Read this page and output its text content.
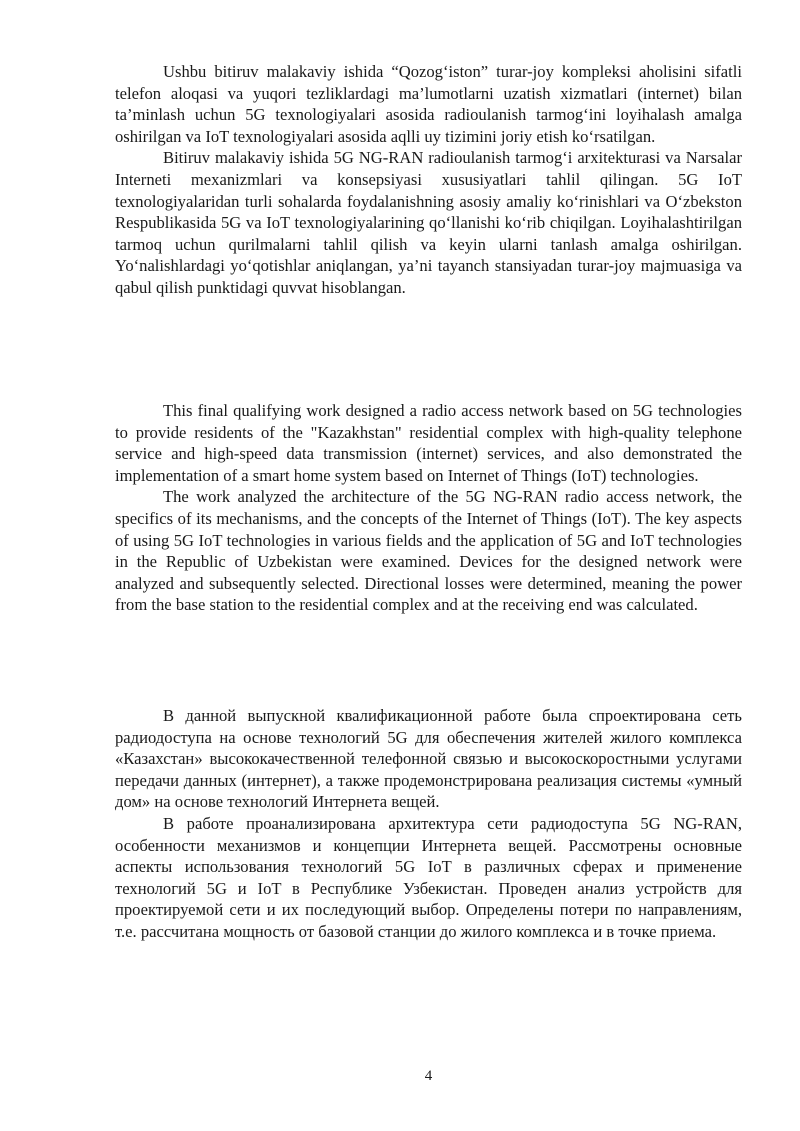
Ushbu bitiruv malakaviy ishida “Qozog‘iston” turar-joy kompleksi aholisini sifatli telefon aloqasi va yuqori tezliklardagi ma’lumotlarni uzatish xizmatlari (internet) bilan ta’minlash uchun 5G texnologiyalari asosida radioulanish tarmog‘ini loyihalash amalga oshirilgan va IoT texnologiyalari asosida aqlli uy tizimini joriy etish ko‘rsatilgan.

Bitiruv malakaviy ishida 5G NG-RAN radioulanish tarmog‘i arxitekturasi va Narsalar Interneti mexanizmlari va konsepsiyasi xususiyatlari tahlil qilingan. 5G IoT texnologiyalaridan turli sohalarda foydalanishning asosiy amaliy ko‘rinishlari va O‘zbekston Respublikasida 5G va IoT texnologiyalarining qo‘llanishi ko‘rib chiqilgan. Loyihalashtirilgan tarmoq uchun qurilmalarni tahlil qilish va keyin ularni tanlash amalga oshirilgan. Yo‘nalishlardagi yo‘qotishlar aniqlangan, ya’ni tayanch stansiyadan turar-joy majmuasiga va qabul qilish punktidagi quvvat hisoblangan.

This final qualifying work designed a radio access network based on 5G technologies to provide residents of the "Kazakhstan" residential complex with high-quality telephone service and high-speed data transmission (internet) services, and also demonstrated the implementation of a smart home system based on Internet of Things (IoT) technologies.

The work analyzed the architecture of the 5G NG-RAN radio access network, the specifics of its mechanisms, and the concepts of the Internet of Things (IoT). The key aspects of using 5G IoT technologies in various fields and the application of 5G and IoT technologies in the Republic of Uzbekistan were examined. Devices for the designed network were analyzed and subsequently selected. Directional losses were determined, meaning the power from the base station to the residential complex and at the receiving end was calculated.

В данной выпускной квалификационной работе была спроектирована сеть радиодоступа на основе технологий 5G для обеспечения жителей жилого комплекса «Казахстан» высококачественной телефонной связью и высокоскоростными услугами передачи данных (интернет), а также продемонстрирована реализация системы «умный дом» на основе технологий Интернета вещей.

В работе проанализирована архитектура сети радиодоступа 5G NG-RAN, особенности механизмов и концепции Интернета вещей. Рассмотрены основные аспекты использования технологий 5G IoT в различных сферах и применение технологий 5G и IoT в Республике Узбекистан. Проведен анализ устройств для проектируемой сети и их последующий выбор. Определены потери по направлениям, т.е. рассчитана мощность от базовой станции до жилого комплекса и в точке приема.

4
